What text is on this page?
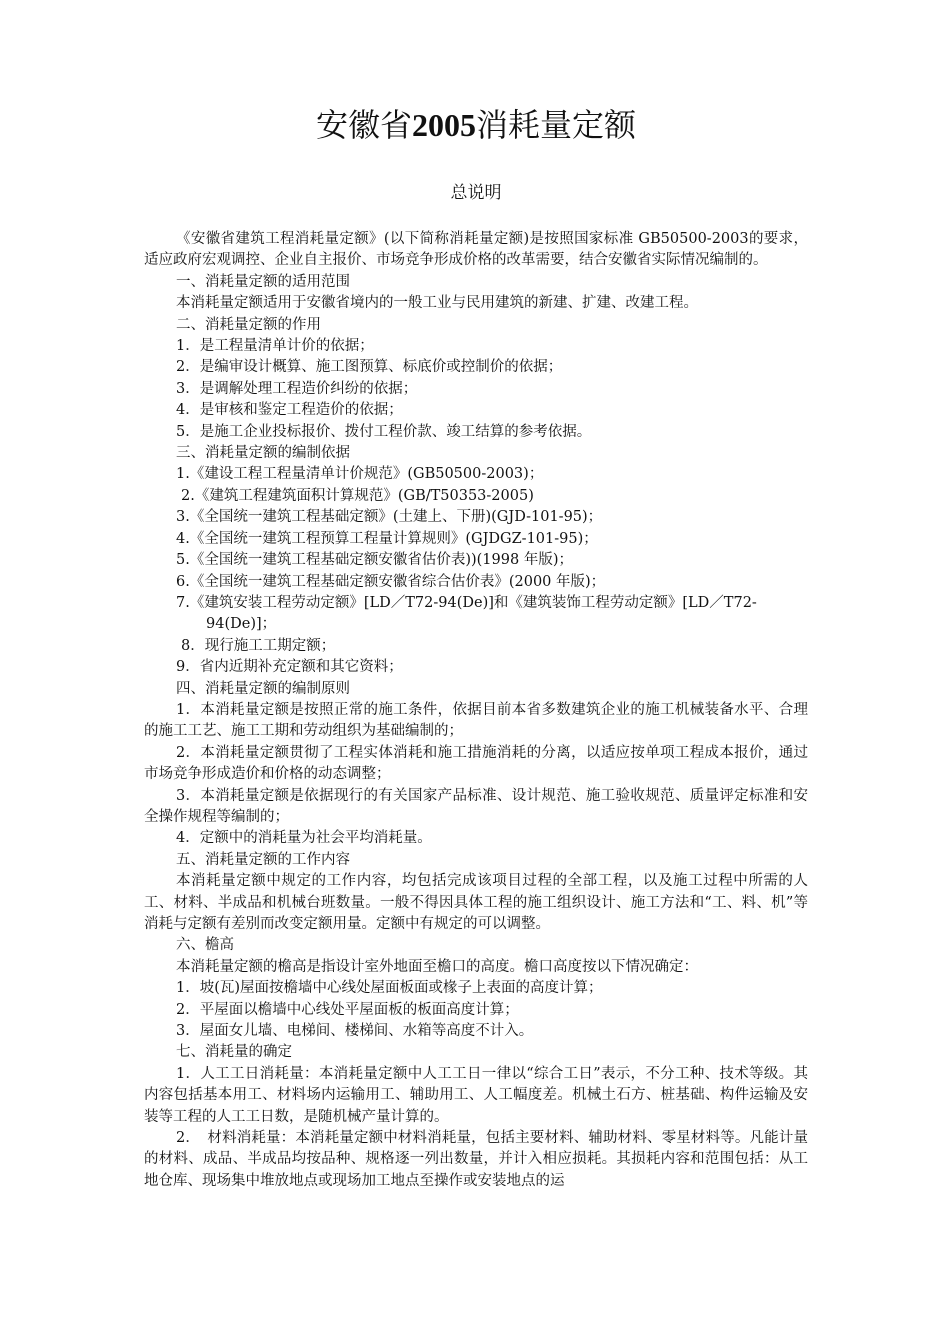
安徽省2005消耗量定额
总说明

《安徽省建筑工程消耗量定额》(以下简称消耗量定额)是按照国家标准 GB50500-2003的要求，适应政府宏观调控、企业自主报价、市场竞争形成价格的改革需要，结合安徽省实际情况编制的。

一、消耗量定额的适用范围

本消耗量定额适用于安徽省境内的一般工业与民用建筑的新建、扩建、改建工程。

二、消耗量定额的作用

1．是工程量清单计价的依据；

2．是编审设计概算、施工图预算、标底价或控制价的依据；

3．是调解处理工程造价纠纷的依据；

4．是审核和鉴定工程造价的依据；

5．是施工企业投标报价、拨付工程价款、竣工结算的参考依据。

三、消耗量定额的编制依据

1.《建设工程工程量清单计价规范》(GB50500-2003)；

2.《建筑工程建筑面积计算规范》(GB/T50353-2005)

3.《全国统一建筑工程基础定额》(土建上、下册)(GJD-101-95)；

4.《全国统一建筑工程预算工程量计算规则》(GJDGZ-101-95)；

5.《全国统一建筑工程基础定额安徽省估价表))(1998 年版)；

6.《全国统一建筑工程基础定额安徽省综合估价表》(2000 年版)；

7.《建筑安装工程劳动定额》[LD／T72-94(De)]和《建筑装饰工程劳动定额》[LD／T72-94(De)]；

8．现行施工工期定额；

9．省内近期补充定额和其它资料；

四、消耗量定额的编制原则

1．本消耗量定额是按照正常的施工条件，依据目前本省多数建筑企业的施工机械装备水平、合理的施工工艺、施工工期和劳动组织为基础编制的；

2．本消耗量定额贯彻了工程实体消耗和施工措施消耗的分离，以适应按单项工程成本报价，通过市场竞争形成造价和价格的动态调整；

3．本消耗量定额是依据现行的有关国家产品标准、设计规范、施工验收规范、质量评定标准和安全操作规程等编制的；

4．定额中的消耗量为社会平均消耗量。

五、消耗量定额的工作内容

本消耗量定额中规定的工作内容，均包括完成该项目过程的全部工程，以及施工过程中所需的人工、材料、半成品和机械台班数量。一般不得因具体工程的施工组织设计、施工方法和“工、料、机”等消耗与定额有差别而改变定额用量。定额中有规定的可以调整。

六、檐高

本消耗量定额的檐高是指设计室外地面至檐口的高度。檐口高度按以下情况确定：

1．坡(瓦)屋面按檐墙中心线处屋面板面或椽子上表面的高度计算；

2．平屋面以檐墙中心线处平屋面板的板面高度计算；

3．屋面女儿墙、电梯间、楼梯间、水箱等高度不计入。

七、消耗量的确定

1．人工工日消耗量：本消耗量定额中人工工日一律以“综合工日”表示，不分工种、技术等级。其内容包括基本用工、材料场内运输用工、辅助用工、人工幅度差。机械土石方、桩基础、构件运输及安装等工程的人工工日数，是随机械产量计算的。

2．　材料消耗量：本消耗量定额中材料消耗量，包括主要材料、辅助材料、零星材料等。凡能计量的材料、成品、半成品均按品种、规格逐一列出数量，并计入相应损耗。其损耗内容和范围包括：从工地仓库、现场集中堆放地点或现场加工地点至操作或安装地点的运
